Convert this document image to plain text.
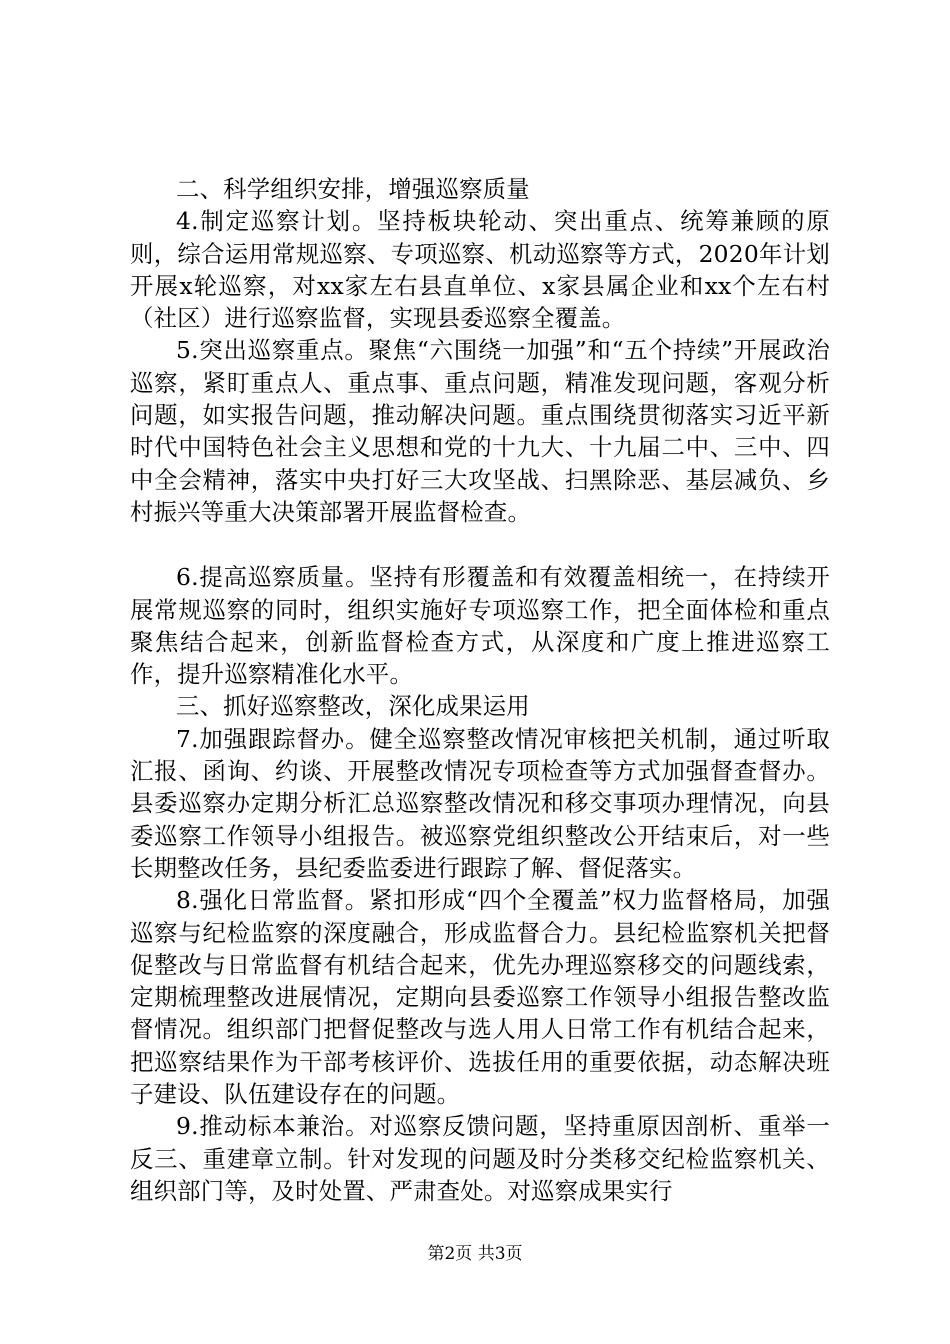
二、科学组织安排，增强巡察质量

4.制定巡察计划。坚持板块轮动、突出重点、统筹兼顾的原则，综合运用常规巡察、专项巡察、机动巡察等方式，2020年计划开展x轮巡察，对xx家左右县直单位、x家县属企业和xx个左右村（社区）进行巡察监督，实现县委巡察全覆盖。

5.突出巡察重点。聚焦“六围绕一加强”和“五个持续”开展政治巡察，紧盯重点人、重点事、重点问题，精准发现问题，客观分析问题，如实报告问题，推动解决问题。重点围绕贯彻落实习近平新时代中国特色社会主义思想和党的十九大、十九届二中、三中、四中全会精神，落实中央打好三大攻坚战、扫黑除恶、基层减负、乡村振兴等重大决策部署开展监督检查。

6.提高巡察质量。坚持有形覆盖和有效覆盖相统一，在持续开展常规巡察的同时，组织实施好专项巡察工作，把全面体检和重点聚焦结合起来，创新监督检查方式，从深度和广度上推进巡察工作，提升巡察精准化水平。

三、抓好巡察整改，深化成果运用

7.加强跟踪督办。健全巡察整改情况审核把关机制，通过听取汇报、函询、约谈、开展整改情况专项检查等方式加强督查督办。县委巡察办定期分析汇总巡察整改情况和移交事项办理情况，向县委巡察工作领导小组报告。被巡察党组织整改公开结束后，对一些长期整改任务，县纪委监委进行跟踪了解、督促落实。

8.强化日常监督。紧扣形成“四个全覆盖”权力监督格局，加强巡察与纪检监察的深度融合，形成监督合力。县纪检监察机关把督促整改与日常监督有机结合起来，优先办理巡察移交的问题线索，定期梳理整改进展情况，定期向县委巡察工作领导小组报告整改监督情况。组织部门把督促整改与选人用人日常工作有机结合起来，把巡察结果作为干部考核评价、选拔任用的重要依据，动态解决班子建设、队伍建设存在的问题。

9.推动标本兼治。对巡察反馈问题，坚持重原因剖析、重举一反三、重建章立制。针对发现的问题及时分类移交纪检监察机关、组织部门等，及时处置、严肃查处。对巡察成果实行

第2页 共3页
